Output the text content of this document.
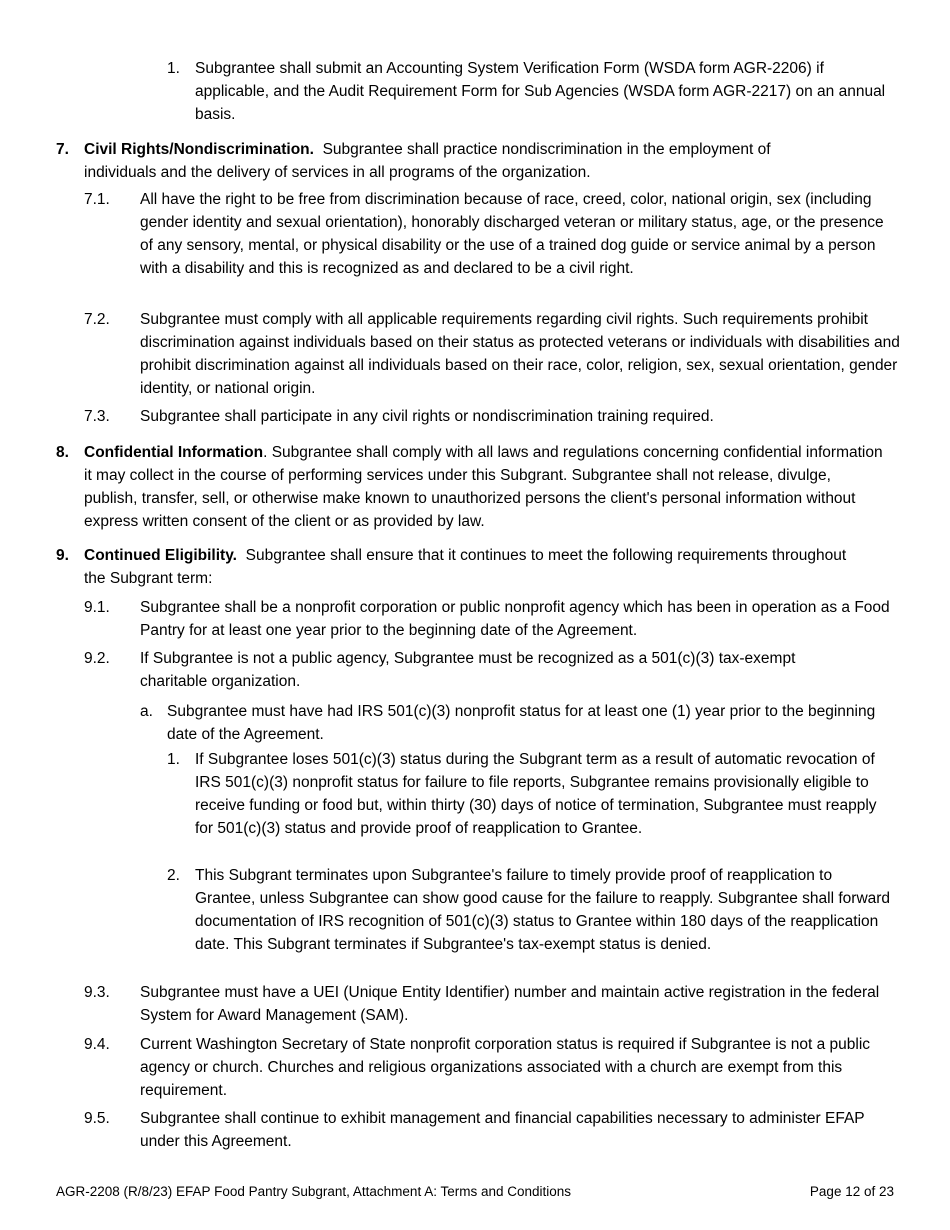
1. Subgrantee shall submit an Accounting System Verification Form (WSDA form AGR-2206) if applicable, and the Audit Requirement Form for Sub Agencies (WSDA form AGR-2217) on an annual basis.
7. Civil Rights/Nondiscrimination. Subgrantee shall practice nondiscrimination in the employment of individuals and the delivery of services in all programs of the organization.
7.1. All have the right to be free from discrimination because of race, creed, color, national origin, sex (including gender identity and sexual orientation), honorably discharged veteran or military status, age, or the presence of any sensory, mental, or physical disability or the use of a trained dog guide or service animal by a person with a disability and this is recognized as and declared to be a civil right.
7.2. Subgrantee must comply with all applicable requirements regarding civil rights. Such requirements prohibit discrimination against individuals based on their status as protected veterans or individuals with disabilities and prohibit discrimination against all individuals based on their race, color, religion, sex, sexual orientation, gender identity, or national origin.
7.3. Subgrantee shall participate in any civil rights or nondiscrimination training required.
8. Confidential Information. Subgrantee shall comply with all laws and regulations concerning confidential information it may collect in the course of performing services under this Subgrant. Subgrantee shall not release, divulge, publish, transfer, sell, or otherwise make known to unauthorized persons the client's personal information without express written consent of the client or as provided by law.
9. Continued Eligibility. Subgrantee shall ensure that it continues to meet the following requirements throughout the Subgrant term:
9.1. Subgrantee shall be a nonprofit corporation or public nonprofit agency which has been in operation as a Food Pantry for at least one year prior to the beginning date of the Agreement.
9.2. If Subgrantee is not a public agency, Subgrantee must be recognized as a 501(c)(3) tax-exempt charitable organization.
a. Subgrantee must have had IRS 501(c)(3) nonprofit status for at least one (1) year prior to the beginning date of the Agreement.
1. If Subgrantee loses 501(c)(3) status during the Subgrant term as a result of automatic revocation of IRS 501(c)(3) nonprofit status for failure to file reports, Subgrantee remains provisionally eligible to receive funding or food but, within thirty (30) days of notice of termination, Subgrantee must reapply for 501(c)(3) status and provide proof of reapplication to Grantee.
2. This Subgrant terminates upon Subgrantee's failure to timely provide proof of reapplication to Grantee, unless Subgrantee can show good cause for the failure to reapply. Subgrantee shall forward documentation of IRS recognition of 501(c)(3) status to Grantee within 180 days of the reapplication date. This Subgrant terminates if Subgrantee's tax-exempt status is denied.
9.3. Subgrantee must have a UEI (Unique Entity Identifier) number and maintain active registration in the federal System for Award Management (SAM).
9.4. Current Washington Secretary of State nonprofit corporation status is required if Subgrantee is not a public agency or church. Churches and religious organizations associated with a church are exempt from this requirement.
9.5. Subgrantee shall continue to exhibit management and financial capabilities necessary to administer EFAP under this Agreement.
AGR-2208 (R/8/23) EFAP Food Pantry Subgrant, Attachment A: Terms and Conditions	Page 12 of 23
